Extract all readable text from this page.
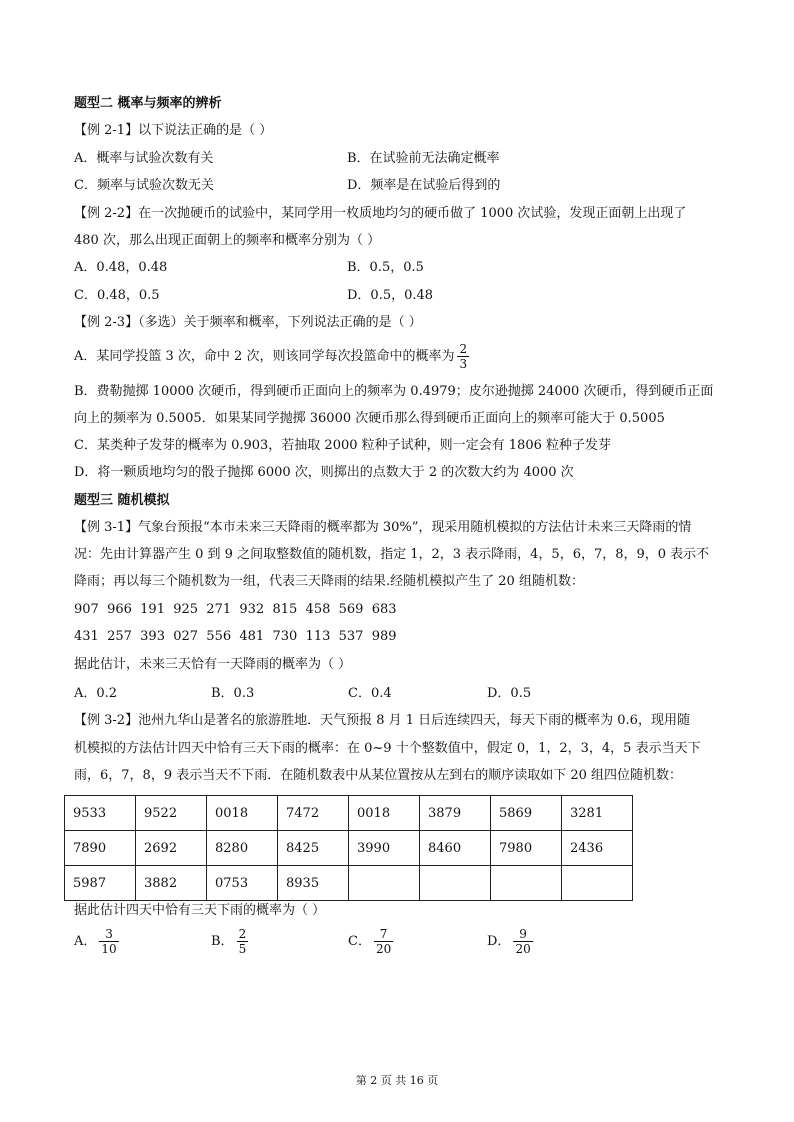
题型二 概率与频率的辨析
【例 2-1】以下说法正确的是（ ）
A．概率与试验次数有关	B．在试验前无法确定概率
C．频率与试验次数无关	D．频率是在试验后得到的
【例 2-2】在一次抛硬币的试验中，某同学用一枚质地均匀的硬币做了 1000 次试验，发现正面朝上出现了
480 次，那么出现正面朝上的频率和概率分别为（ ）
A．0.48，0.48	B．0.5，0.5
C．0.48，0.5	D．0.5，0.48
【例 2-3】（多选）关于频率和概率，下列说法正确的是（ ）
A．某同学投篮 3 次，命中 2 次，则该同学每次投篮命中的概率为 $\frac{2}{3}$
B．费勒抛掷 10000 次硬币，得到硬币正面向上的频率为 0.4979；皮尔逊抛掷 24000 次硬币，得到硬币正面
向上的频率为 0.5005．如果某同学抛掷 36000 次硬币那么得到硬币正面向上的频率可能大于 0.5005
C．某类种子发芽的概率为 0.903，若抽取 2000 粒种子试种，则一定会有 1806 粒种子发芽
D．将一颗质地均匀的骰子抛掷 6000 次，则掷出的点数大于 2 的次数大约为 4000 次
题型三 随机模拟
【例 3-1】气象台预报“本市未来三天降雨的概率都为 30%”，现采用随机模拟的方法估计未来三天降雨的情
况：先由计算器产生 0 到 9 之间取整数值的随机数，指定 1，2，3 表示降雨，4，5，6，7，8，9，0 表示不
降雨；再以每三个随机数为一组，代表三天降雨的结果.经随机模拟产生了 20 组随机数：
907  966  191  925  271  932  815  458  569  683
431  257  393  027  556  481  730  113  537  989
据此估计，未来三天恰有一天降雨的概率为（ ）
A．0.2	B．0.3	C．0.4	D．0.5
【例 3-2】池州九华山是著名的旅游胜地．天气预报 8 月 1 日后连续四天，每天下雨的概率为 0.6，现用随
机模拟的方法估计四天中恰有三天下雨的概率：在 0~9 十个整数值中，假定 0，1，2，3，4，5 表示当天下
雨，6，7，8，9 表示当天不下雨．在随机数表中从某位置按从左到右的顺序读取如下 20 组四位随机数：
9533	9522	0018	7472	0018	3879	5869	3281
7890	2692	8280	8425	3990	8460	7980	2436
5987	3882	0753	8935				
据此估计四天中恰有三天下雨的概率为（ ）
A． $\frac{3}{10}$	B． $\frac{2}{5}$	C． $\frac{7}{20}$	D． $\frac{9}{20}$
第 2 页 共 16 页
